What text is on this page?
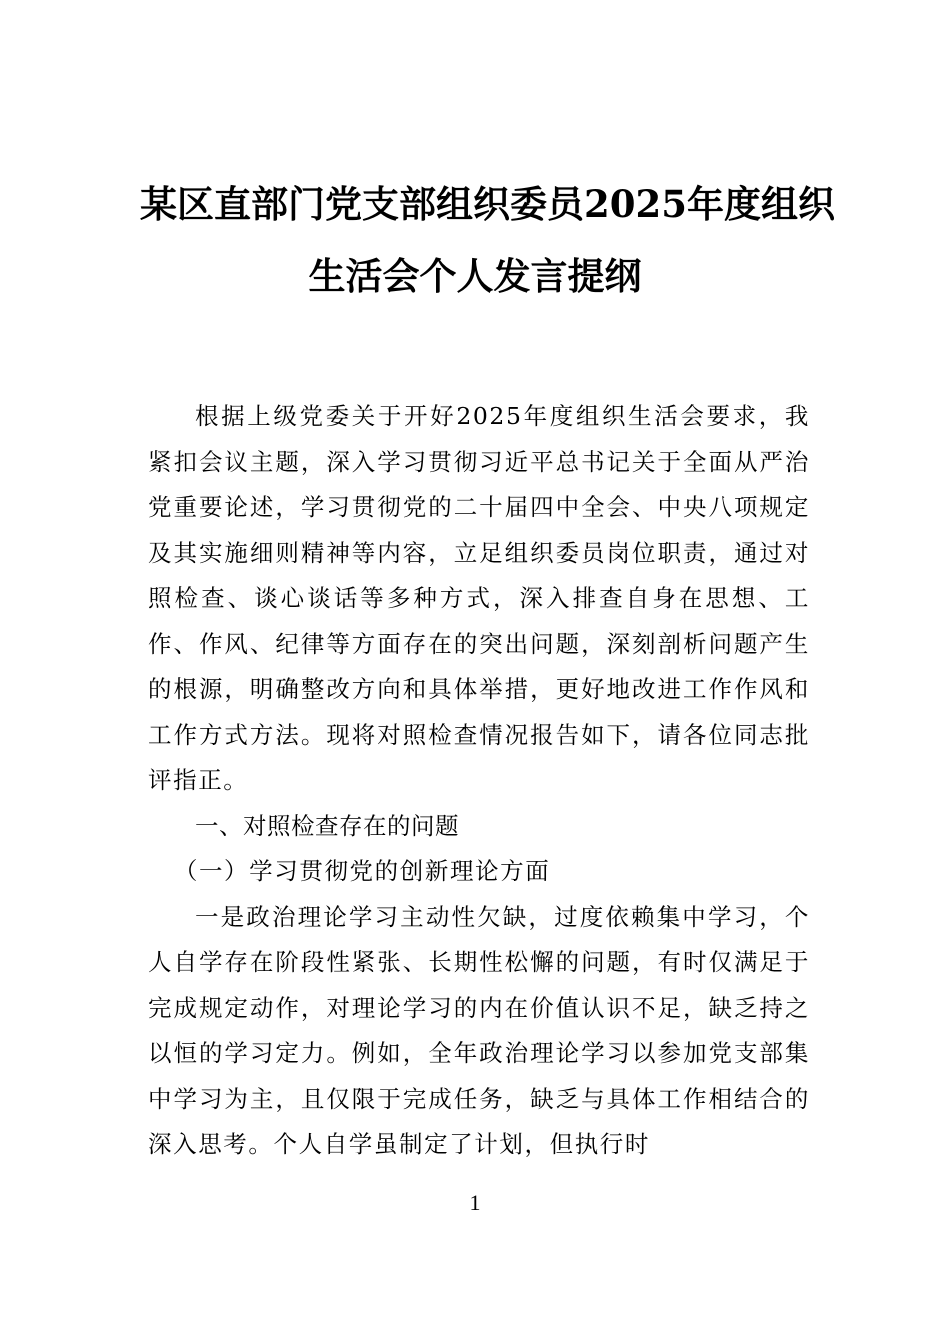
某区直部门党支部组织委员2025年度组织
生活会个人发言提纲

根据上级党委关于开好2025年度组织生活会要求，我紧扣会议主题，深入学习贯彻习近平总书记关于全面从严治党重要论述，学习贯彻党的二十届四中全会、中央八项规定及其实施细则精神等内容，立足组织委员岗位职责，通过对照检查、谈心谈话等多种方式，深入排查自身在思想、工作、作风、纪律等方面存在的突出问题，深刻剖析问题产生的根源，明确整改方向和具体举措，更好地改进工作作风和工作方式方法。现将对照检查情况报告如下，请各位同志批评指正。

一、对照检查存在的问题

（一）学习贯彻党的创新理论方面

一是政治理论学习主动性欠缺，过度依赖集中学习，个人自学存在阶段性紧张、长期性松懈的问题，有时仅满足于完成规定动作，对理论学习的内在价值认识不足，缺乏持之以恒的学习定力。例如，全年政治理论学习以参加党支部集中学习为主，且仅限于完成任务，缺乏与具体工作相结合的深入思考。个人自学虽制定了计划，但执行时

1
